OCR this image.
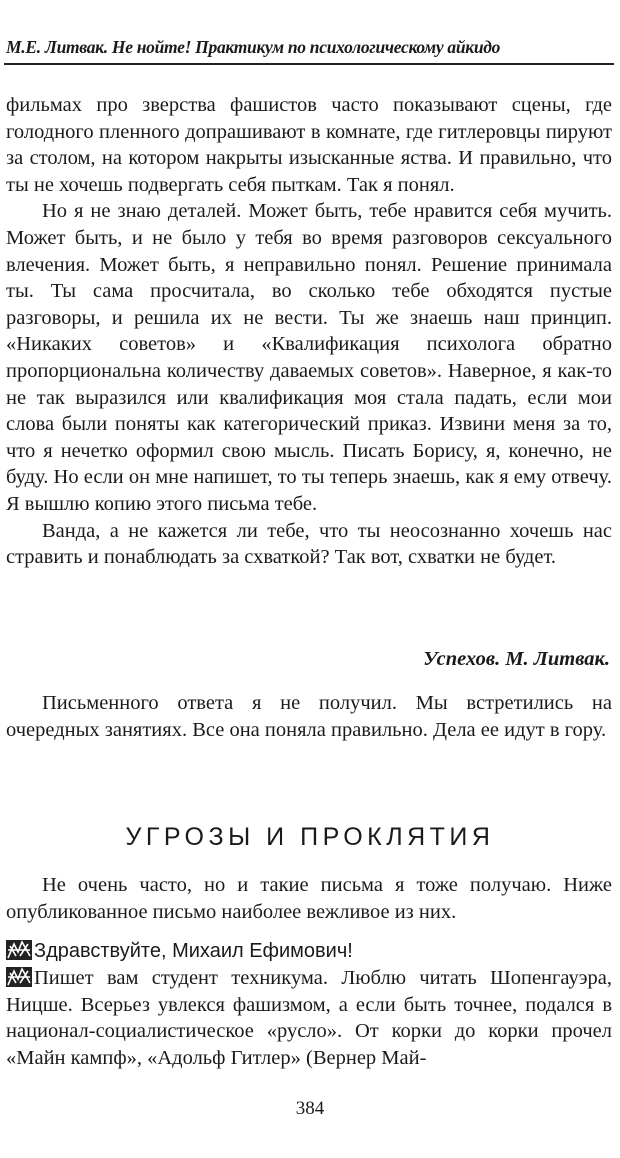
М.Е. Литвак. Не нойте! Практикум по психологическому айкидо

фильмах про зверства фашистов часто показывают сцены, где голодного пленного допрашивают в комнате, где гитлеровцы пируют за столом, на котором накрыты изысканные яства. И правильно, что ты не хочешь подвергать себя пыткам. Так я понял.

Но я не знаю деталей. Может быть, тебе нравится себя мучить. Может быть, и не было у тебя во время разговоров сексуального влечения. Может быть, я неправильно понял. Решение принимала ты. Ты сама просчитала, во сколько тебе обходятся пустые разговоры, и решила их не вести. Ты же знаешь наш принцип. «Никаких советов» и «Квалификация психолога обратно пропорциональна количеству даваемых советов». Наверное, я как-то не так выразился или квалификация моя стала падать, если мои слова были поняты как категорический приказ. Извини меня за то, что я нечетко оформил свою мысль. Писать Борису, я, конечно, не буду. Но если он мне напишет, то ты теперь знаешь, как я ему отвечу. Я вышлю копию этого письма тебе.

Ванда, а не кажется ли тебе, что ты неосознанно хочешь нас стравить и понаблюдать за схваткой? Так вот, схватки не будет.

Успехов. М. Литвак.

Письменного ответа я не получил. Мы встретились на очередных занятиях. Все она поняла правильно. Дела ее идут в гору.

УГРОЗЫ И ПРОКЛЯТИЯ

Не очень часто, но и такие письма я тоже получаю. Ниже опубликованное письмо наиболее вежливое из них.

Здравствуйте, Михаил Ефимович!

Пишет вам студент техникума. Люблю читать Шопенгауэра, Ницше. Всерьез увлекся фашизмом, а если быть точнее, подался в национал-социалистическое «русло». От корки до корки прочел «Майн кампф», «Адольф Гитлер» (Вернер Май-

384
